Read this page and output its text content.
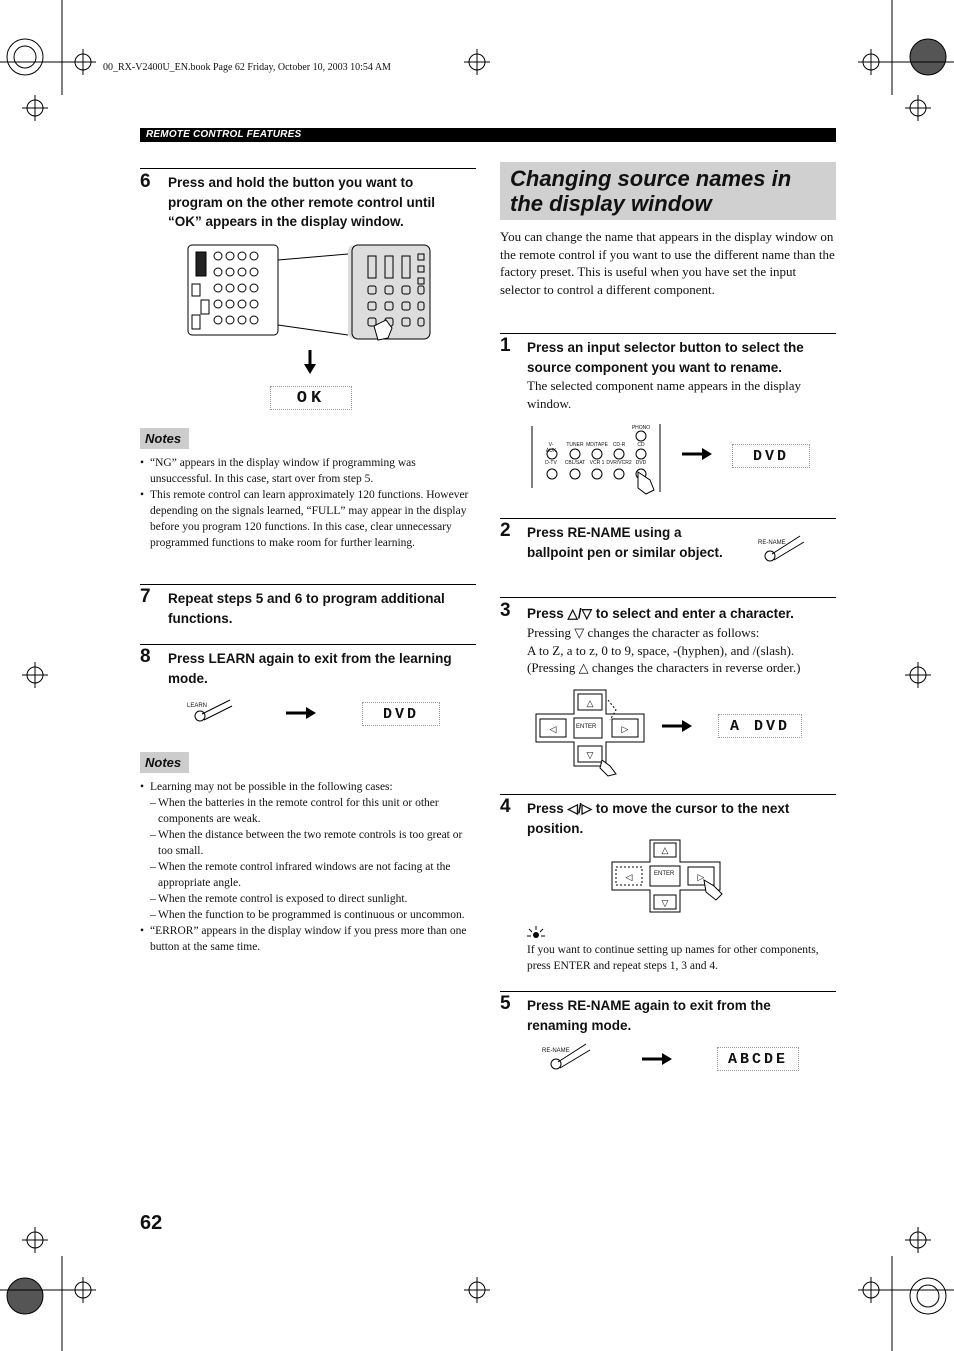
00_RX-V2400U_EN.book Page 62 Friday, October 10, 2003 10:54 AM
REMOTE CONTROL FEATURES
6 Press and hold the button you want to program on the other remote control until “OK” appears in the display window.
OK
Notes
• “NG” appears in the display window if programming was unsuccessful. In this case, start over from step 5.
• This remote control can learn approximately 120 functions. However depending on the signals learned, “FULL” may appear in the display before you program 120 functions. In this case, clear unnecessary programmed functions to make room for further learning.
7 Repeat steps 5 and 6 to program additional functions.
8 Press LEARN again to exit from the learning mode.
LEARN	DVD
Notes
• Learning may not be possible in the following cases:
– When the batteries in the remote control for this unit or other components are weak.
– When the distance between the two remote controls is too great or too small.
– When the remote control infrared windows are not facing at the appropriate angle.
– When the remote control is exposed to direct sunlight.
– When the function to be programmed is continuous or uncommon.
• “ERROR” appears in the display window if you press more than one button at the same time.
Changing source names in the display window
You can change the name that appears in the display window on the remote control if you want to use the different name than the factory preset. This is useful when you have set the input selector to control a different component.
1 Press an input selector button to select the source component you want to rename.
The selected component name appears in the display window.
V-AUX
TUNER MD/TAPE CD-R
PHONO
CD
D-TV	CBL/SAT VCR 1 DVR/VCR2 DVD	DVD
2 Press RE-NAME using a ballpoint pen or similar object.
RE-NAME
3 Press △/▽ to select and enter a character.
Pressing ▽ changes the character as follows:
A to Z, a to z, 0 to 9, space, -(hyphen), and /(slash).
(Pressing △ changes the characters in reverse order.)
△
▽
◁	▷
ENTER	A DVD
4 Press ◁/▷ to move the cursor to the next position.
△
▽
◁	▷
ENTER
If you want to continue setting up names for other components, press ENTER and repeat steps 1, 3 and 4.
5 Press RE-NAME again to exit from the renaming mode.
RE-NAME	ABCDE
62
